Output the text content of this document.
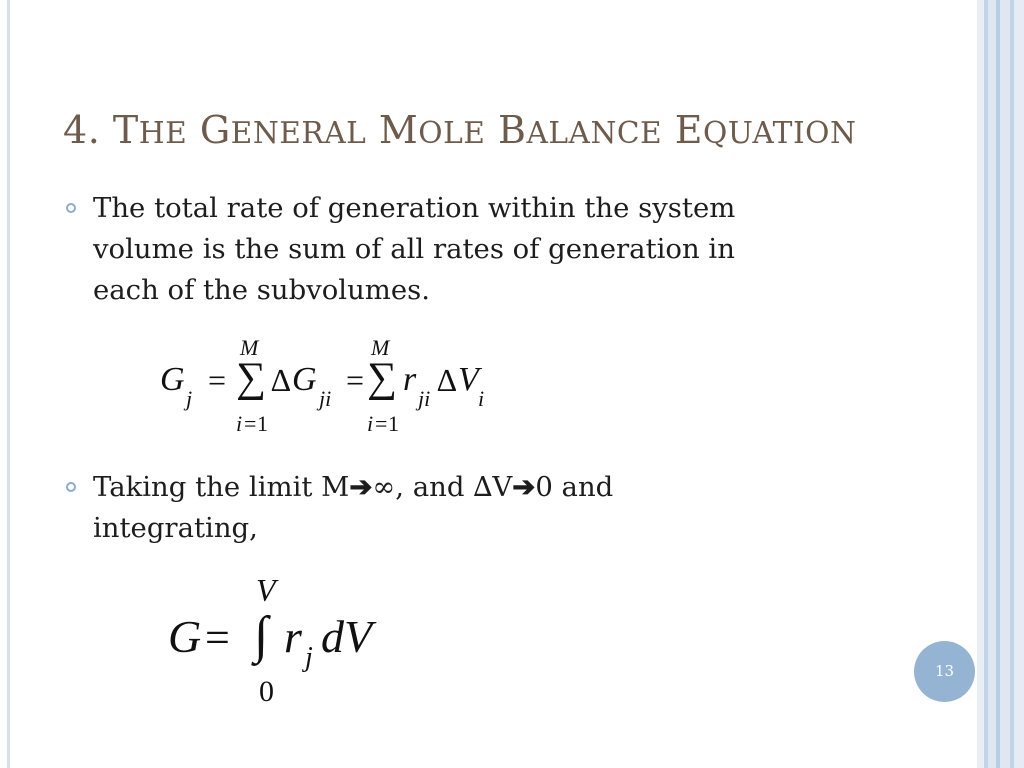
4. THE GENERAL MOLE BALANCE EQUATION
The total rate of generation within the system
volume is the sum of all rates of generation in
each of the subvolumes.
G
j
=
M
∑
i = 1
∆ G
ji
=
M
∑
i = 1
r
ji
∆ V
i
Taking the limit M➔∞, and ∆V➔0 and
integrating,
G =
V
∫
0
r j dV
13
